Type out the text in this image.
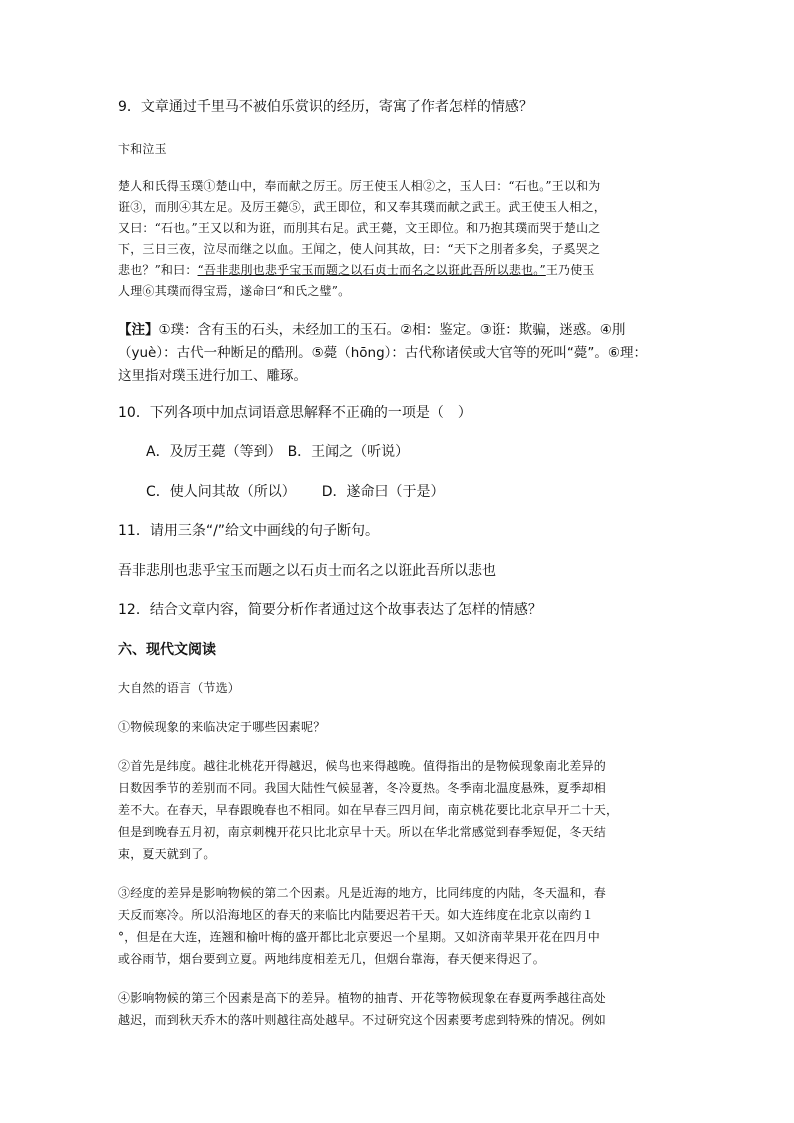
9．文章通过千里马不被伯乐赏识的经历，寄寓了作者怎样的情感？
卞和泣玉
楚人和氏得玉璞①楚山中，奉而献之厉王。厉王使玉人相②之，玉人曰：“石也。”王以和为
诳③，而刖④其左足。及厉王薨⑤，武王即位，和又奉其璞而献之武王。武王使玉人相之，
又曰：“石也。”王又以和为诳，而刖其右足。武王薨，文王即位。和乃抱其璞而哭于楚山之
下，三日三夜，泣尽而继之以血。王闻之，使人问其故，曰：“天下之刖者多矣，子奚哭之
悲也？”和曰：“吾非悲刖也悲乎宝玉而题之以石贞士而名之以诳此吾所以悲也。”王乃使玉
人理⑥其璞而得宝焉，遂命曰“和氏之璧”。
【注】①璞：含有玉的石头，未经加工的玉石。②相：鉴定。③诳：欺骗，迷惑。④刖
（yuè）：古代一种断足的酷刑。⑤薨（hōng）：古代称诸侯或大官等的死叫“薨”。⑥理：
这里指对璞玉进行加工、雕琢。
10．下列各项中加点词语意思解释不正确的一项是（　）
A．及厉王薨（等到） B．王闻之（听说）
C．使人问其故（所以） D．遂命曰（于是）
11．请用三条“/”给文中画线的句子断句。
吾非悲刖也悲乎宝玉而题之以石贞士而名之以诳此吾所以悲也
12．结合文章内容，简要分析作者通过这个故事表达了怎样的情感？
六、现代文阅读
大自然的语言（节选）
①物候现象的来临决定于哪些因素呢？
②首先是纬度。越往北桃花开得越迟，候鸟也来得越晚。值得指出的是物候现象南北差异的
日数因季节的差别而不同。我国大陆性气候显著，冬冷夏热。冬季南北温度悬殊，夏季却相
差不大。在春天，早春跟晚春也不相同。如在早春三四月间，南京桃花要比北京早开二十天，
但是到晚春五月初，南京刺槐开花只比北京早十天。所以在华北常感觉到春季短促，冬天结
束，夏天就到了。
③经度的差异是影响物候的第二个因素。凡是近海的地方，比同纬度的内陆，冬天温和，春
天反而寒冷。所以沿海地区的春天的来临比内陆要迟若干天。如大连纬度在北京以南约１
°，但是在大连，连翘和榆叶梅的盛开都比北京要迟一个星期。又如济南苹果开花在四月中
或谷雨节，烟台要到立夏。两地纬度相差无几，但烟台靠海，春天便来得迟了。
④影响物候的第三个因素是高下的差异。植物的抽青、开花等物候现象在春夏两季越往高处
越迟，而到秋天乔木的落叶则越往高处越早。不过研究这个因素要考虑到特殊的情况。例如
